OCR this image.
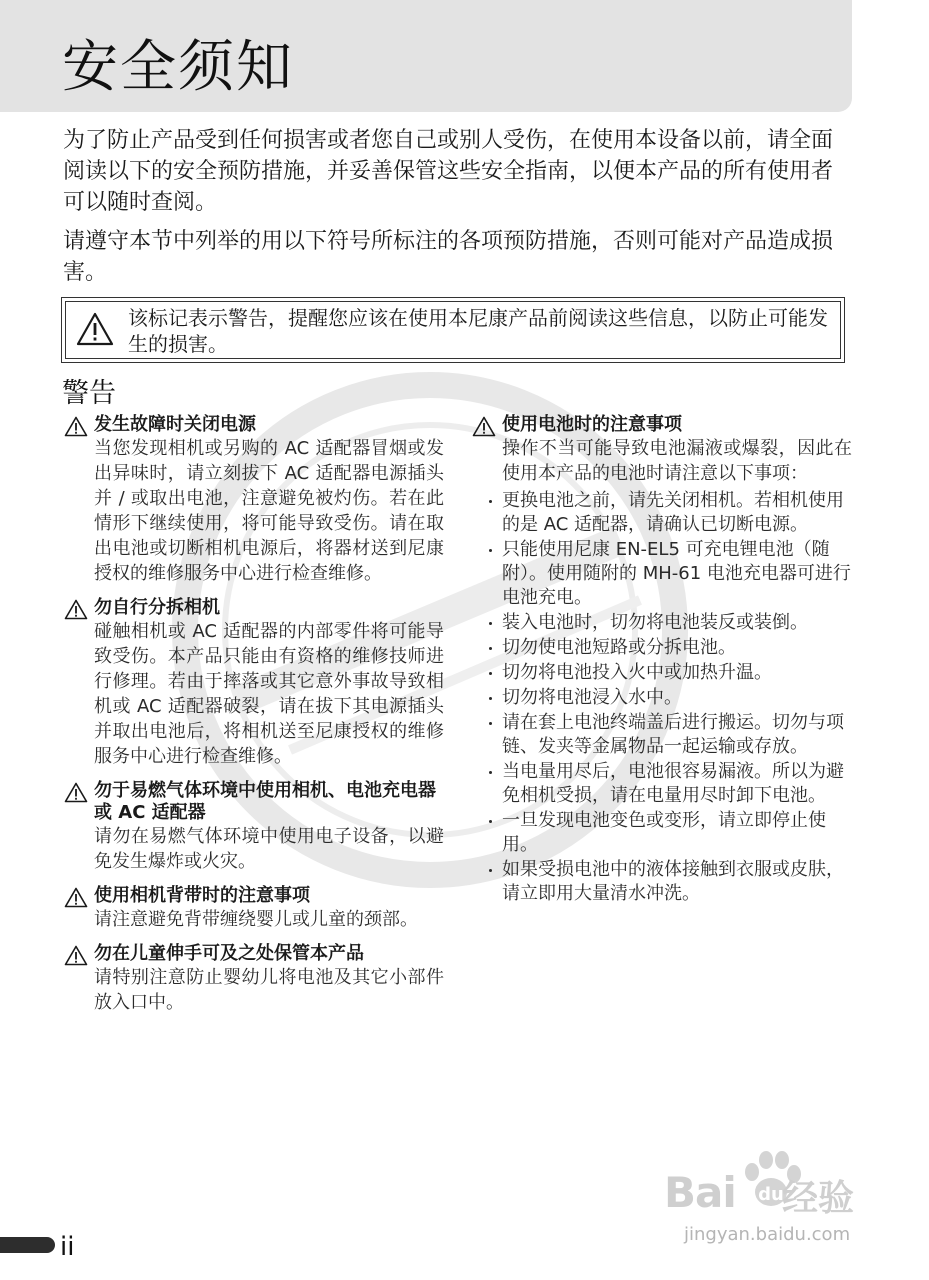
安全须知

为了防止产品受到任何损害或者您自己或别人受伤，在使用本设备以前，请全面阅读以下的安全预防措施，并妥善保管这些安全指南，以便本产品的所有使用者可以随时查阅。

请遵守本节中列举的用以下符号所标注的各项预防措施，否则可能对产品造成损害。

该标记表示警告，提醒您应该在使用本尼康产品前阅读这些信息，以防止可能发生的损害。

警告

发生故障时关闭电源

当您发现相机或另购的 AC 适配器冒烟或发出异味时，请立刻拔下 AC 适配器电源插头并 / 或取出电池，注意避免被灼伤。若在此情形下继续使用，将可能导致受伤。请在取出电池或切断相机电源后，将器材送到尼康授权的维修服务中心进行检查维修。

勿自行分拆相机

碰触相机或 AC 适配器的内部零件将可能导致受伤。本产品只能由有资格的维修技师进行修理。若由于摔落或其它意外事故导致相机或 AC 适配器破裂，请在拔下其电源插头并取出电池后，将相机送至尼康授权的维修服务中心进行检查维修。

勿于易燃气体环境中使用相机、电池充电器或 AC 适配器

请勿在易燃气体环境中使用电子设备，以避免发生爆炸或火灾。

使用相机背带时的注意事项

请注意避免背带缠绕婴儿或儿童的颈部。

勿在儿童伸手可及之处保管本产品

请特别注意防止婴幼儿将电池及其它小部件放入口中。

使用电池时的注意事项

操作不当可能导致电池漏液或爆裂，因此在使用本产品的电池时请注意以下事项：

更换电池之前，请先关闭相机。若相机使用的是 AC 适配器，请确认已切断电源。
只能使用尼康 EN-EL5 可充电锂电池（随附）。使用随附的 MH-61 电池充电器可进行电池充电。
装入电池时，切勿将电池装反或装倒。
切勿使电池短路或分拆电池。
切勿将电池投入火中或加热升温。
切勿将电池浸入水中。
请在套上电池终端盖后进行搬运。切勿与项链、发夹等金属物品一起运输或存放。
当电量用尽后，电池很容易漏液。所以为避免相机受损，请在电量用尽时卸下电池。
一旦发现电池变色或变形，请立即停止使用。
如果受损电池中的液体接触到衣服或皮肤，请立即用大量清水冲洗。
Bai du
经验
jingyan.baidu.com

ii
